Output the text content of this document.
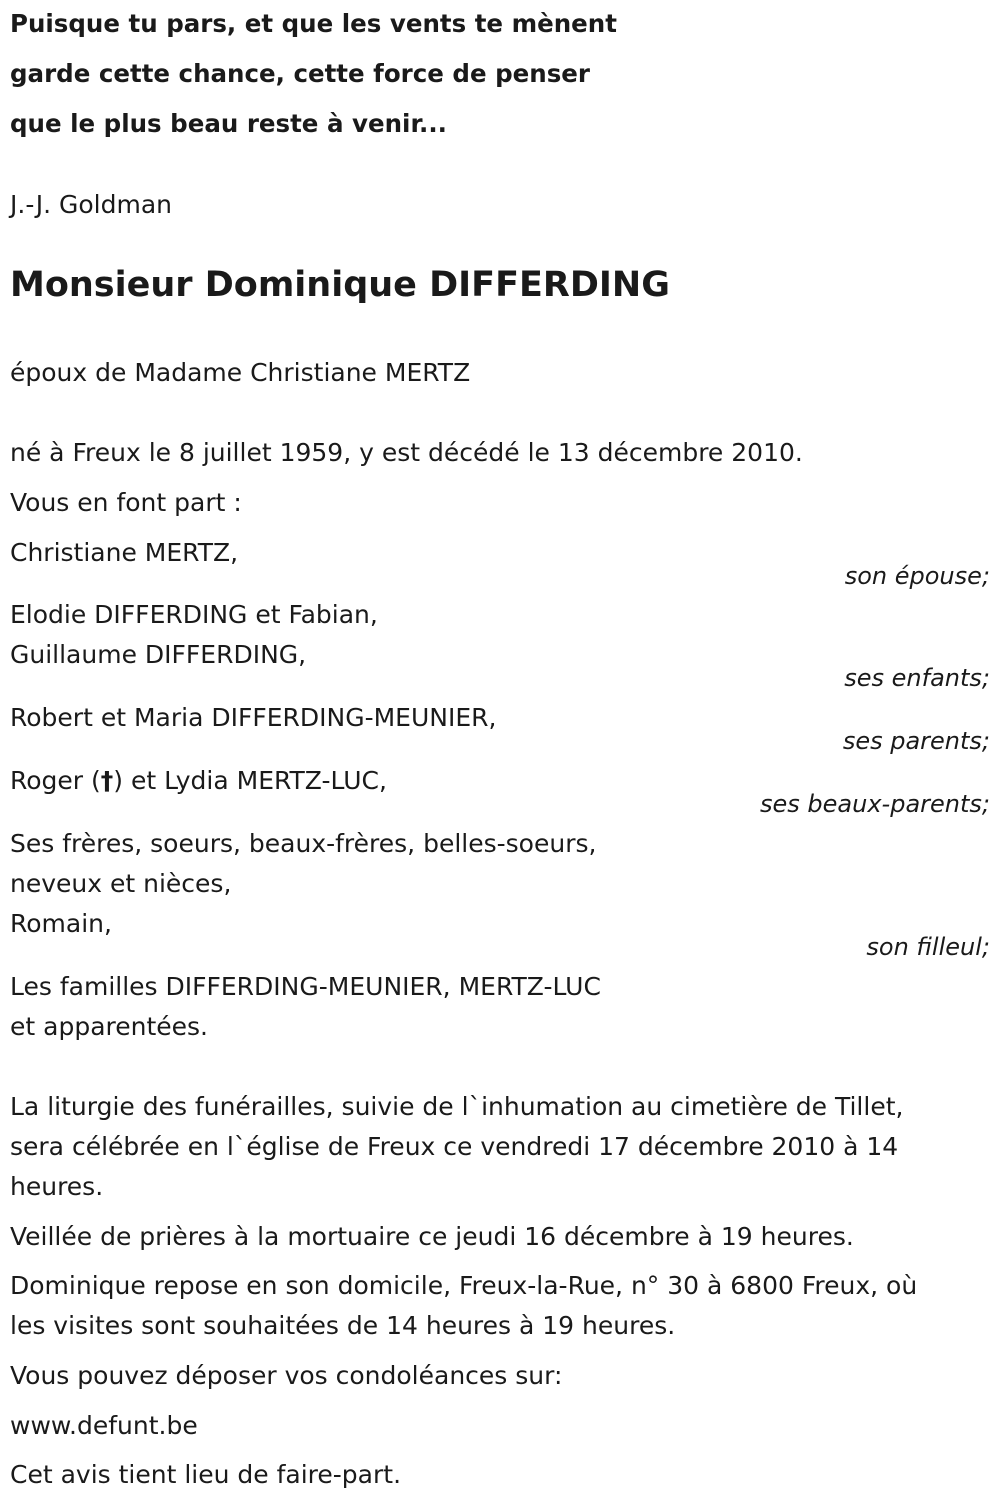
Puisque tu pars, et que les vents te mènent
garde cette chance, cette force de penser
que le plus beau reste à venir...
J.-J. Goldman
Monsieur Dominique DIFFERDING
époux de Madame Christiane MERTZ
né à Freux le 8 juillet 1959, y est décédé le 13 décembre 2010.
Vous en font part :
Christiane MERTZ,
son épouse;
Elodie DIFFERDING et Fabian,
Guillaume DIFFERDING,
ses enfants;
Robert et Maria DIFFERDING-MEUNIER,
ses parents;
Roger (†) et Lydia MERTZ-LUC,
ses beaux-parents;
Ses frères, soeurs, beaux-frères, belles-soeurs,
neveux et nièces,
Romain,
son filleul;
Les familles DIFFERDING-MEUNIER, MERTZ-LUC
et apparentées.
La liturgie des funérailles, suivie de l`inhumation au cimetière de Tillet,
sera célébrée en l`église de Freux ce vendredi 17 décembre 2010 à 14
heures.
Veillée de prières à la mortuaire ce jeudi 16 décembre à 19 heures.
Dominique repose en son domicile, Freux-la-Rue, n° 30 à 6800 Freux, où
les visites sont souhaitées de 14 heures à 19 heures.
Vous pouvez déposer vos condoléances sur:
www.defunt.be
Cet avis tient lieu de faire-part.
